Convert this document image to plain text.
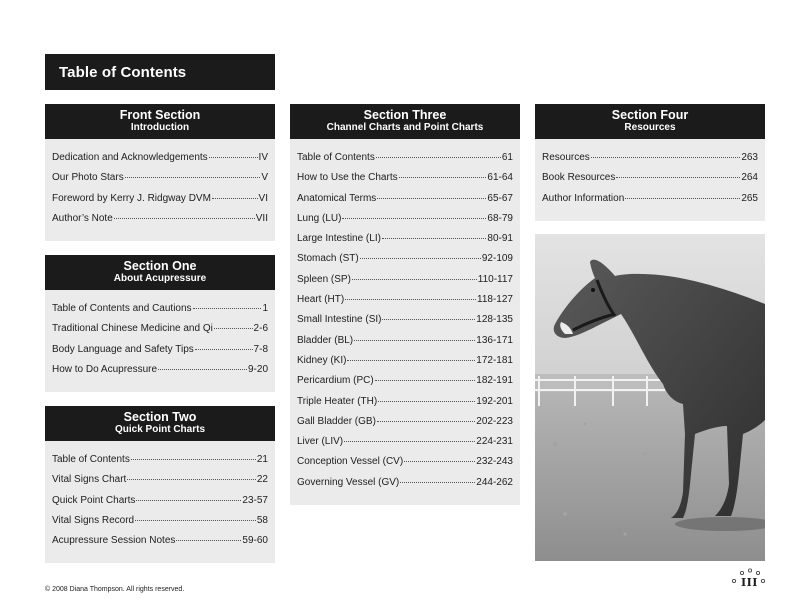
Table of Contents
Front Section
Introduction
Dedication and Acknowledgements	IV
Our Photo Stars	V
Foreword by Kerry J. Ridgway DVM	VI
Author’s Note	VII
Section One
About Acupressure
Table of Contents and Cautions	1
Traditional Chinese Medicine and Qi	2-6
Body Language and Safety Tips	7-8
How to Do Acupressure	9-20
Section Two
Quick Point Charts
Table of Contents	21
Vital Signs Chart	22
Quick Point Charts	23-57
Vital Signs Record	58
Acupressure Session Notes	59-60
Section Three
Channel Charts and Point Charts
Table of Contents	61
How to Use the Charts	61-64
Anatomical Terms	65-67
Lung (LU)	68-79
Large Intestine (LI)	80-91
Stomach (ST)	92-109
Spleen (SP)	110-117
Heart (HT)	118-127
Small Intestine (SI)	128-135
Bladder (BL)	136-171
Kidney (KI)	172-181
Pericardium (PC)	182-191
Triple Heater (TH)	192-201
Gall Bladder (GB)	202-223
Liver (LIV)	224-231
Conception Vessel (CV)	232-243
Governing Vessel (GV)	244-262
Section Four
Resources
Resources	263
Book Resources	264
Author Information	265
© 2008 Diana Thompson. All rights reserved.
III
